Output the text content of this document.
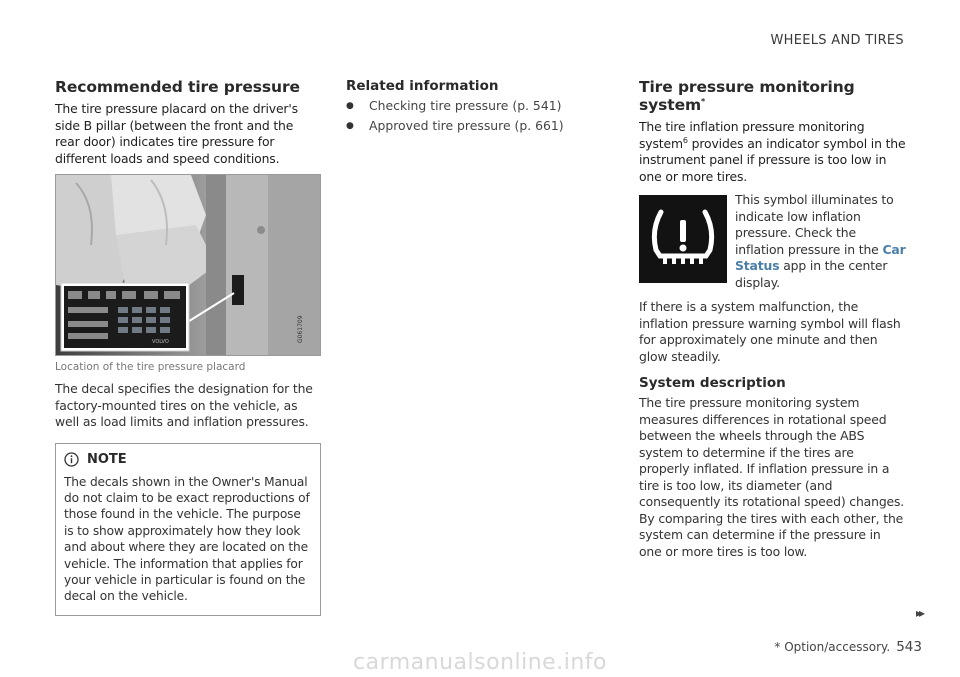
WHEELS AND TIRES
Recommended tire pressure

The tire pressure placard on the driver's side B pillar (between the front and the rear door) indicates tire pressure for different loads and speed conditions.

VOLVO	G061709
Location of the tire pressure placard

The decal specifies the designation for the factory-mounted tires on the vehicle, as well as load limits and inflation pressures.

NOTE

The decals shown in the Owner's Manual do not claim to be exact reproductions of those found in the vehicle. The purpose is to show approximately how they look and about where they are located on the vehicle. The information that applies for your vehicle in particular is found on the decal on the vehicle.

Related information
●	Checking tire pressure (p. 541)
●	Approved tire pressure (p. 661)
Tire pressure monitoring system*

The tire inflation pressure monitoring system$^6$ provides an indicator symbol in the instrument panel if pressure is too low in one or more tires.

This symbol illuminates to indicate low inflation pressure. Check the inflation pressure in the Car Status app in the center display.

If there is a system malfunction, the inflation pressure warning symbol will flash for approximately one minute and then glow steadily.

System description

The tire pressure monitoring system measures differences in rotational speed between the wheels through the ABS system to determine if the tires are properly inflated. If inflation pressure in a tire is too low, its diameter (and consequently its rotational speed) changes. By comparing the tires with each other, the system can determine if the pressure in one or more tires is too low.

▸▸
* Option/accessory. 543
carmanualsonline.info
